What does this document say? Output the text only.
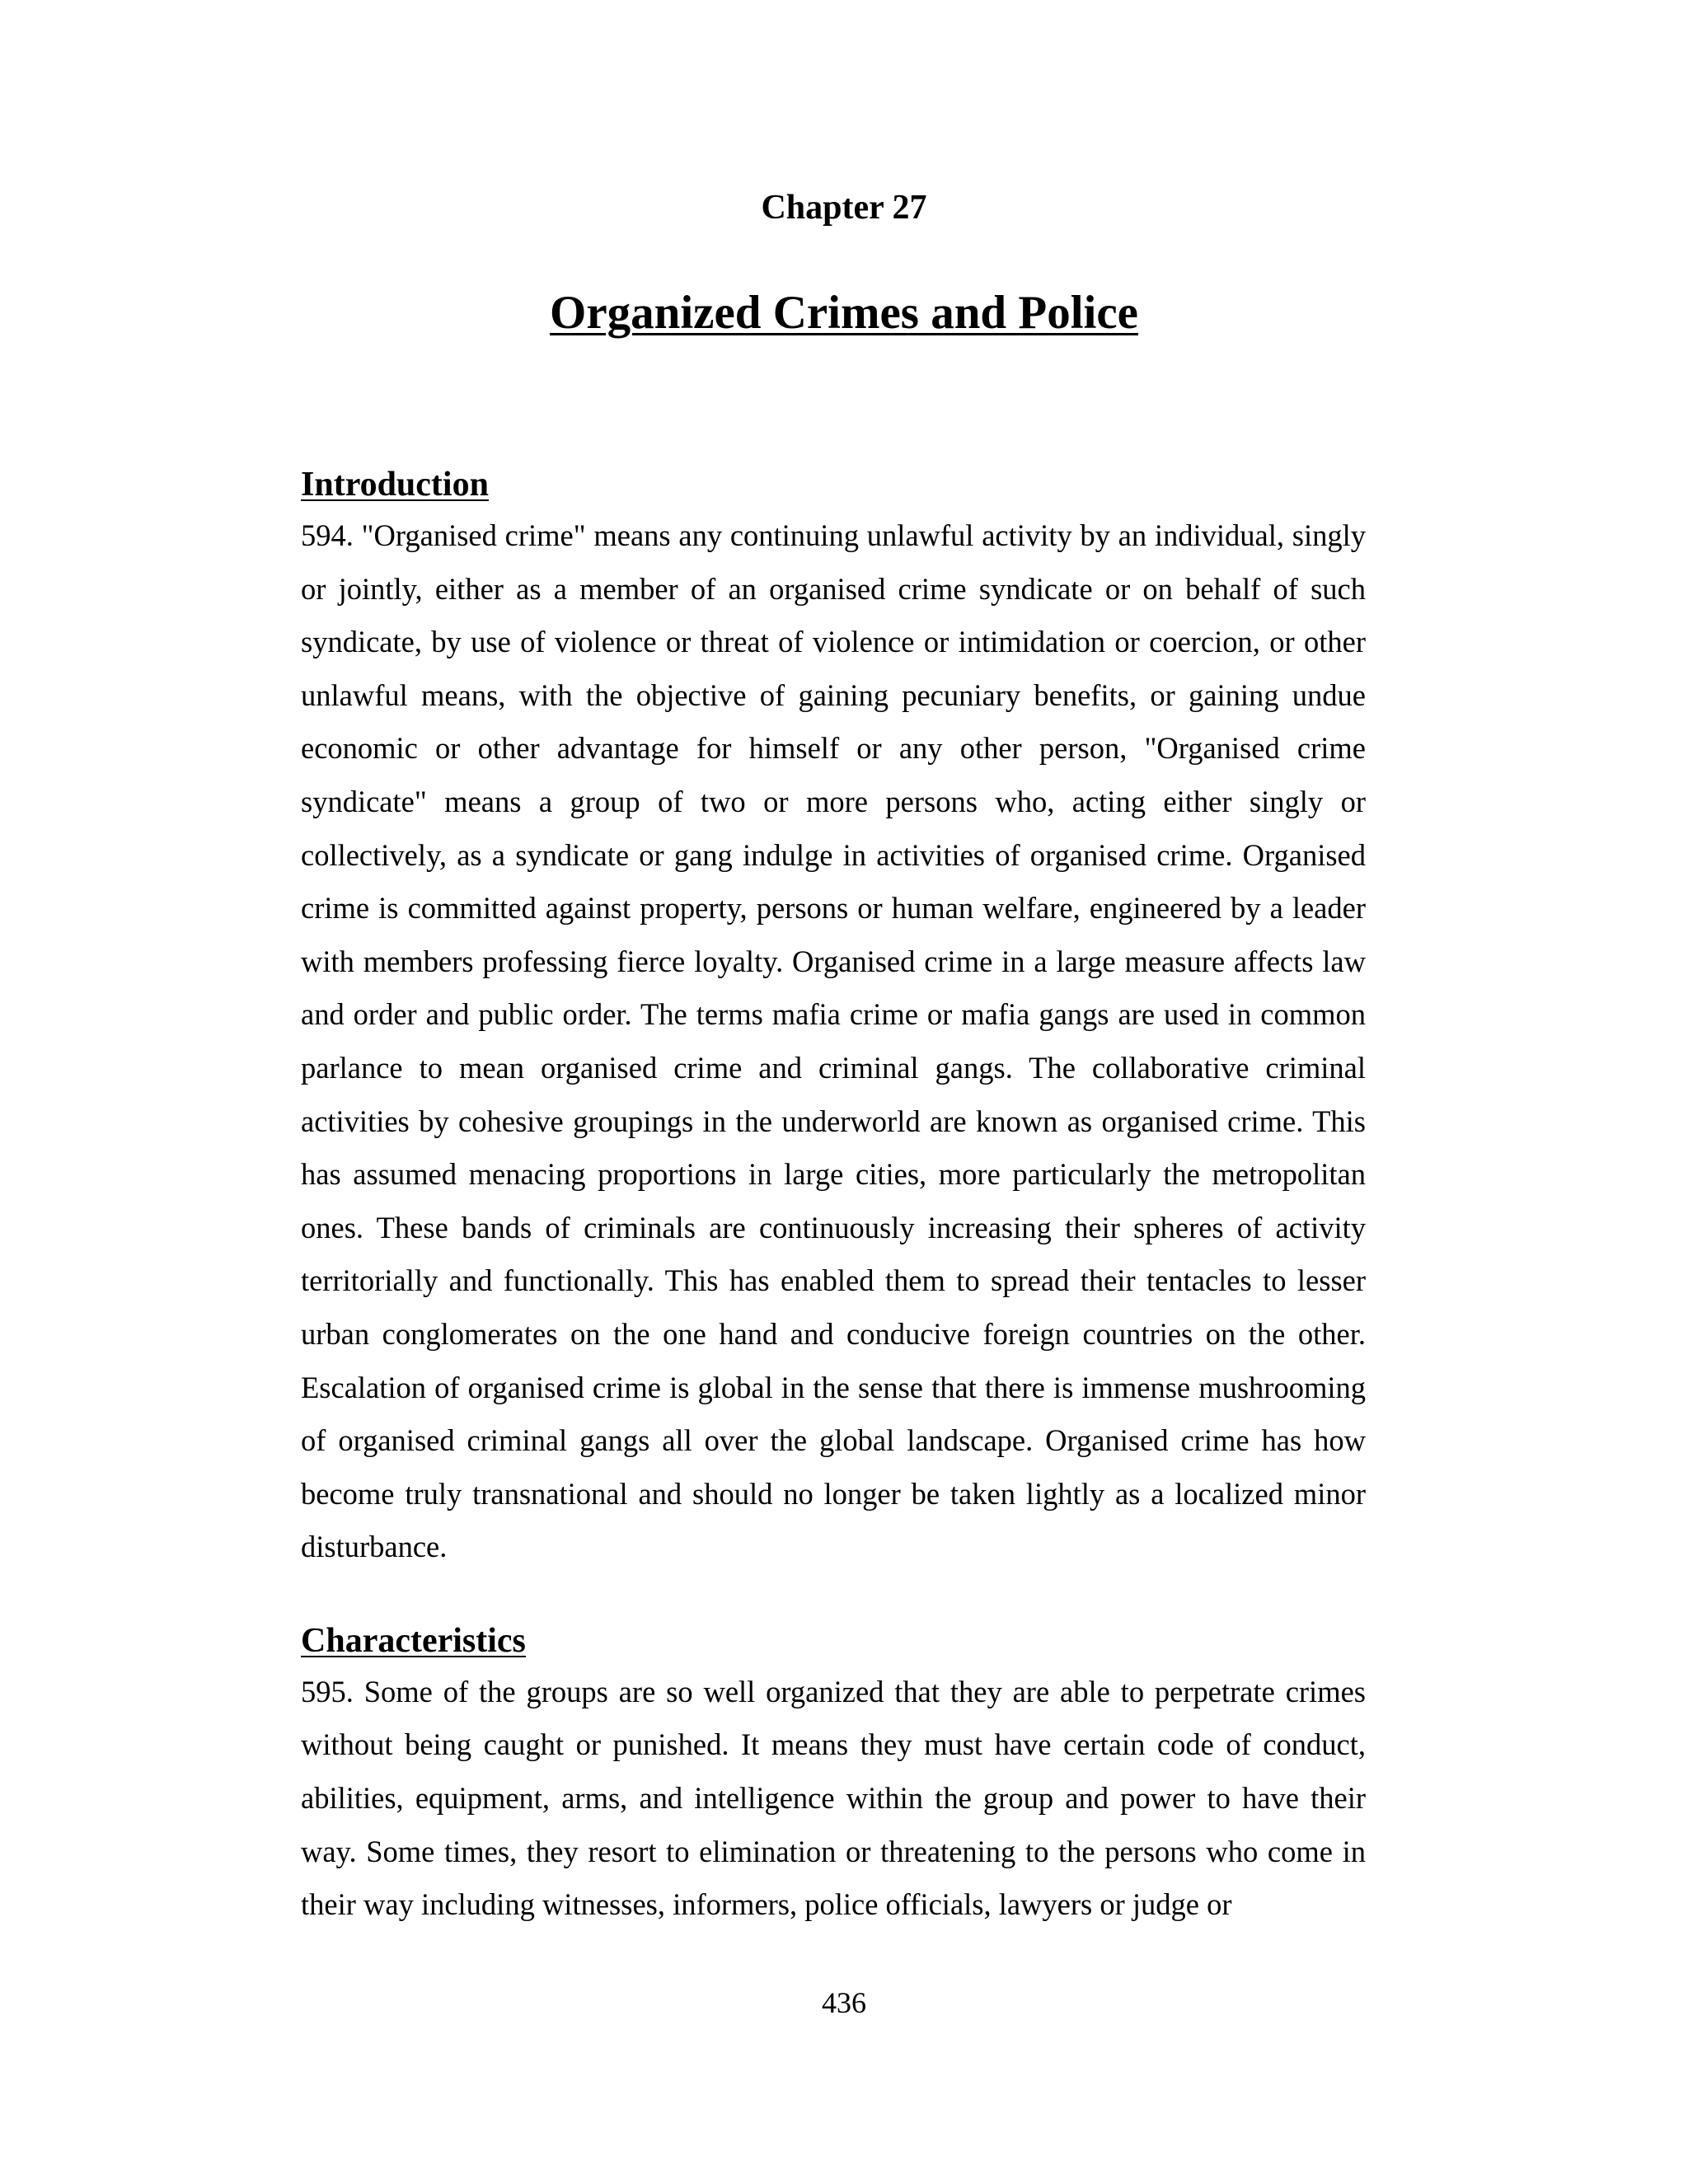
Chapter 27
Organized Crimes and Police
Introduction

594. "Organised crime" means any continuing unlawful activity by an individual, singly or jointly, either as a member of an organised crime syndicate or on behalf of such syndicate, by use of violence or threat of violence or intimidation or coercion, or other unlawful means, with the objective of gaining pecuniary benefits, or gaining undue economic or other advantage for himself or any other person, "Organised crime syndicate" means a group of two or more persons who, acting either singly or collectively, as a syndicate or gang indulge in activities of organised crime. Organised crime is committed against property, persons or human welfare, engineered by a leader with members professing fierce loyalty. Organised crime in a large measure affects law and order and public order. The terms mafia crime or mafia gangs are used in common parlance to mean organised crime and criminal gangs. The collaborative criminal activities by cohesive groupings in the underworld are known as organised crime. This has assumed menacing proportions in large cities, more particularly the metropolitan ones. These bands of criminals are continuously increasing their spheres of activity territorially and functionally. This has enabled them to spread their tentacles to lesser urban conglomerates on the one hand and conducive foreign countries on the other. Escalation of organised crime is global in the sense that there is immense mushrooming of organised criminal gangs all over the global landscape. Organised crime has how become truly transnational and should no longer be taken lightly as a localized minor disturbance.

Characteristics

595. Some of the groups are so well organized that they are able to perpetrate crimes without being caught or punished. It means they must have certain code of conduct, abilities, equipment, arms, and intelligence within the group and power to have their way. Some times, they resort to elimination or threatening to the persons who come in their way including witnesses, informers, police officials, lawyers or judge or

436
